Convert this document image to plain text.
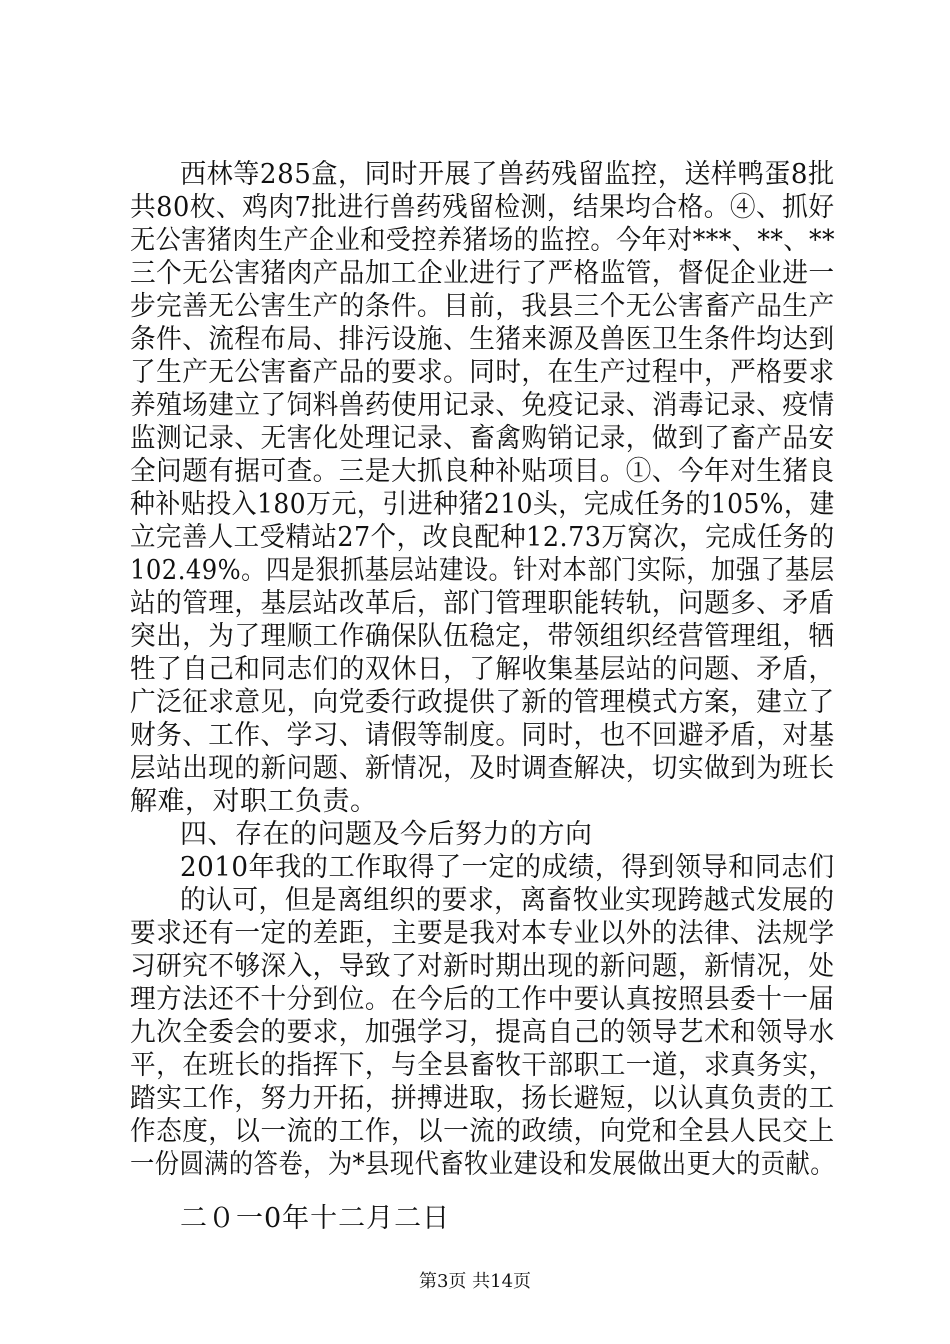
西林等285盒，同时开展了兽药残留监控，送样鸭蛋8批
共80枚、鸡肉7批进行兽药残留检测，结果均合格。④、抓好
无公害猪肉生产企业和受控养猪场的监控。今年对***、**、**
三个无公害猪肉产品加工企业进行了严格监管，督促企业进一
步完善无公害生产的条件。目前，我县三个无公害畜产品生产
条件、流程布局、排污设施、生猪来源及兽医卫生条件均达到
了生产无公害畜产品的要求。同时，在生产过程中，严格要求
养殖场建立了饲料兽药使用记录、免疫记录、消毒记录、疫情
监测记录、无害化处理记录、畜禽购销记录，做到了畜产品安
全问题有据可查。三是大抓良种补贴项目。①、今年对生猪良
种补贴投入180万元，引进种猪210头，完成任务的105%，建
立完善人工受精站27个，改良配种12.73万窝次，完成任务的
102.49%。四是狠抓基层站建设。针对本部门实际，加强了基层
站的管理，基层站改革后，部门管理职能转轨，问题多、矛盾
突出，为了理顺工作确保队伍稳定，带领组织经营管理组，牺
牲了自己和同志们的双休日，了解收集基层站的问题、矛盾，
广泛征求意见，向党委行政提供了新的管理模式方案，建立了
财务、工作、学习、请假等制度。同时，也不回避矛盾，对基
层站出现的新问题、新情况，及时调查解决，切实做到为班长
解难，对职工负责。
四、存在的问题及今后努力的方向
2010年我的工作取得了一定的成绩，得到领导和同志们
的认可，但是离组织的要求，离畜牧业实现跨越式发展的
要求还有一定的差距，主要是我对本专业以外的法律、法规学
习研究不够深入，导致了对新时期出现的新问题，新情况，处
理方法还不十分到位。在今后的工作中要认真按照县委十一届
九次全委会的要求，加强学习，提高自己的领导艺术和领导水
平，在班长的指挥下，与全县畜牧干部职工一道，求真务实，
踏实工作，努力开拓，拼搏进取，扬长避短，以认真负责的工
作态度，以一流的工作，以一流的政绩，向党和全县人民交上
一份圆满的答卷，为*县现代畜牧业建设和发展做出更大的贡献。
二０一0年十二月二日
第3页 共14页
